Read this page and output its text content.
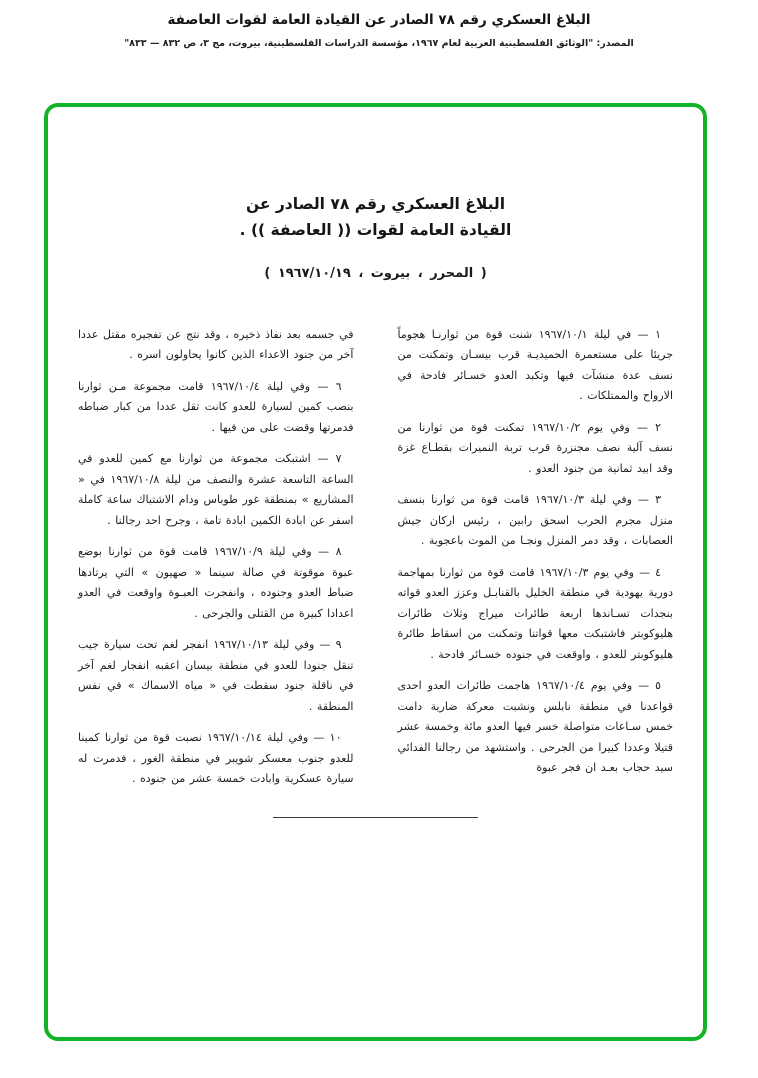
البلاغ العسكري رقم ٧٨ الصادر عن القيادة العامة لقوات العاصفة
المصدر: "الوثائق الفلسطينية العربية لعام ١٩٦٧، مؤسسة الدراسات الفلسطينية، بيروت، مج ٣، ص ٨٣٢ — ٨٣٣"
البلاغ العسكري رقم ٧٨ الصادر عن
القيادة العامة لقوات (( العاصفة )) .
( المحرر ، بيروت ، ١٩٦٧/١٠/١٩ )

١ — في ليلة ١٩٦٧/١٠/١ شنت قوة من ثوارنـا هجوماً جريئا على مستعمرة الحميديـة قرب بيسـان وتمكنت من نسف عدة منشآت فيها وتكبد العدو خسـائر فادحة في الارواح والممتلكات .

٢ — وفي يوم ١٩٦٧/١٠/٢ تمكنت قوة من ثوارنا من نسف آلية نصف مجنزرة قرب تربة النميرات بقطـاع غزة وقد ابيد ثمانية من جنود العدو .

٣ — وفي ليلة ١٩٦٧/١٠/٣ قامت قوة من ثوارنا بنسف منزل مجرم الحرب اسحق رابين ، رئيس اركان جيش العصابات ، وقد دمر المنزل ونجـا من الموت باعجوبة .

٤ — وفي يوم ١٩٦٧/١٠/٣ قامت قوة من ثوارنا بمهاجمة دورية يهودية في منطقة الخليل بالقنابـل وعزز العدو قواته بنجدات تسـاندها اربعة طائرات ميراج وثلاث طائرات هليوكوبتر فاشتبكت معها قواتنا وتمكنت من اسقاط طائرة هليوكوبتر للعدو ، واوقعت في جنوده خسـائر فادحة .

٥ — وفي يوم ١٩٦٧/١٠/٤ هاجمت طائرات العدو احدى قواعدنا في منطقة نابلس ونشبت معركة ضارية دامت خمس سـاعات متواصلة خسر فيها العدو مائة وخمسة عشر قتيلا وعددا كبيرا من الجرحى . واستشهد من رجالنا الفدائي سيد حجاب بعـد ان فجر عبوة

في جسمه بعد نفاذ ذخيره ، وقد نتج عن تفجيره مقتل عددا آخر من جنود الاعداء الذين كانوا يحاولون اسره .

٦ — وفي ليلة ١٩٦٧/١٠/٤ قامت مجموعة مـن ثوارنا بنصب كمين لسيارة للعدو كانت تقل عددا من كبار ضباطه فدمرتها وقضت على من فيها .

٧ — اشتبكت مجموعة من ثوارنا مع كمين للعدو في الساعة التاسعة عشرة والنصف من ليلة ١٩٦٧/١٠/٨ في « المشاريع » بمنطقة غور طوباس ودام الاشتباك ساعة كاملة اسفر عن ابادة الكمين ابادة تامة ، وجرح احد رجالنا .

٨ — وفي ليلة ١٩٦٧/١٠/٩ قامت قوة من ثوارنا بوضع عبوة موقوتة في صالة سينما « صهيون » التي يرتادها ضباط العدو وجنوده ، وانفجرت العبـوة واوقعت في العدو اعدادا كبيرة من القتلى والجرحى .

٩ — وفي ليلة ١٩٦٧/١٠/١٣ انفجر لغم تحت سيارة جيب تنقل جنودا للعدو في منطقة بيسان اعقبه انفجار لغم آخر في ناقلة جنود سقطت في « مياه الاسماك » في نفس المنطقة .

١٠ — وفي ليلة ١٩٦٧/١٠/١٤ نصبت قوة من ثوارنا كمينا للعدو جنوب معسكر شويبر في منطقة الغور ، فدمرت له سيارة عسكرية وابادت خمسة عشر من جنوده .
